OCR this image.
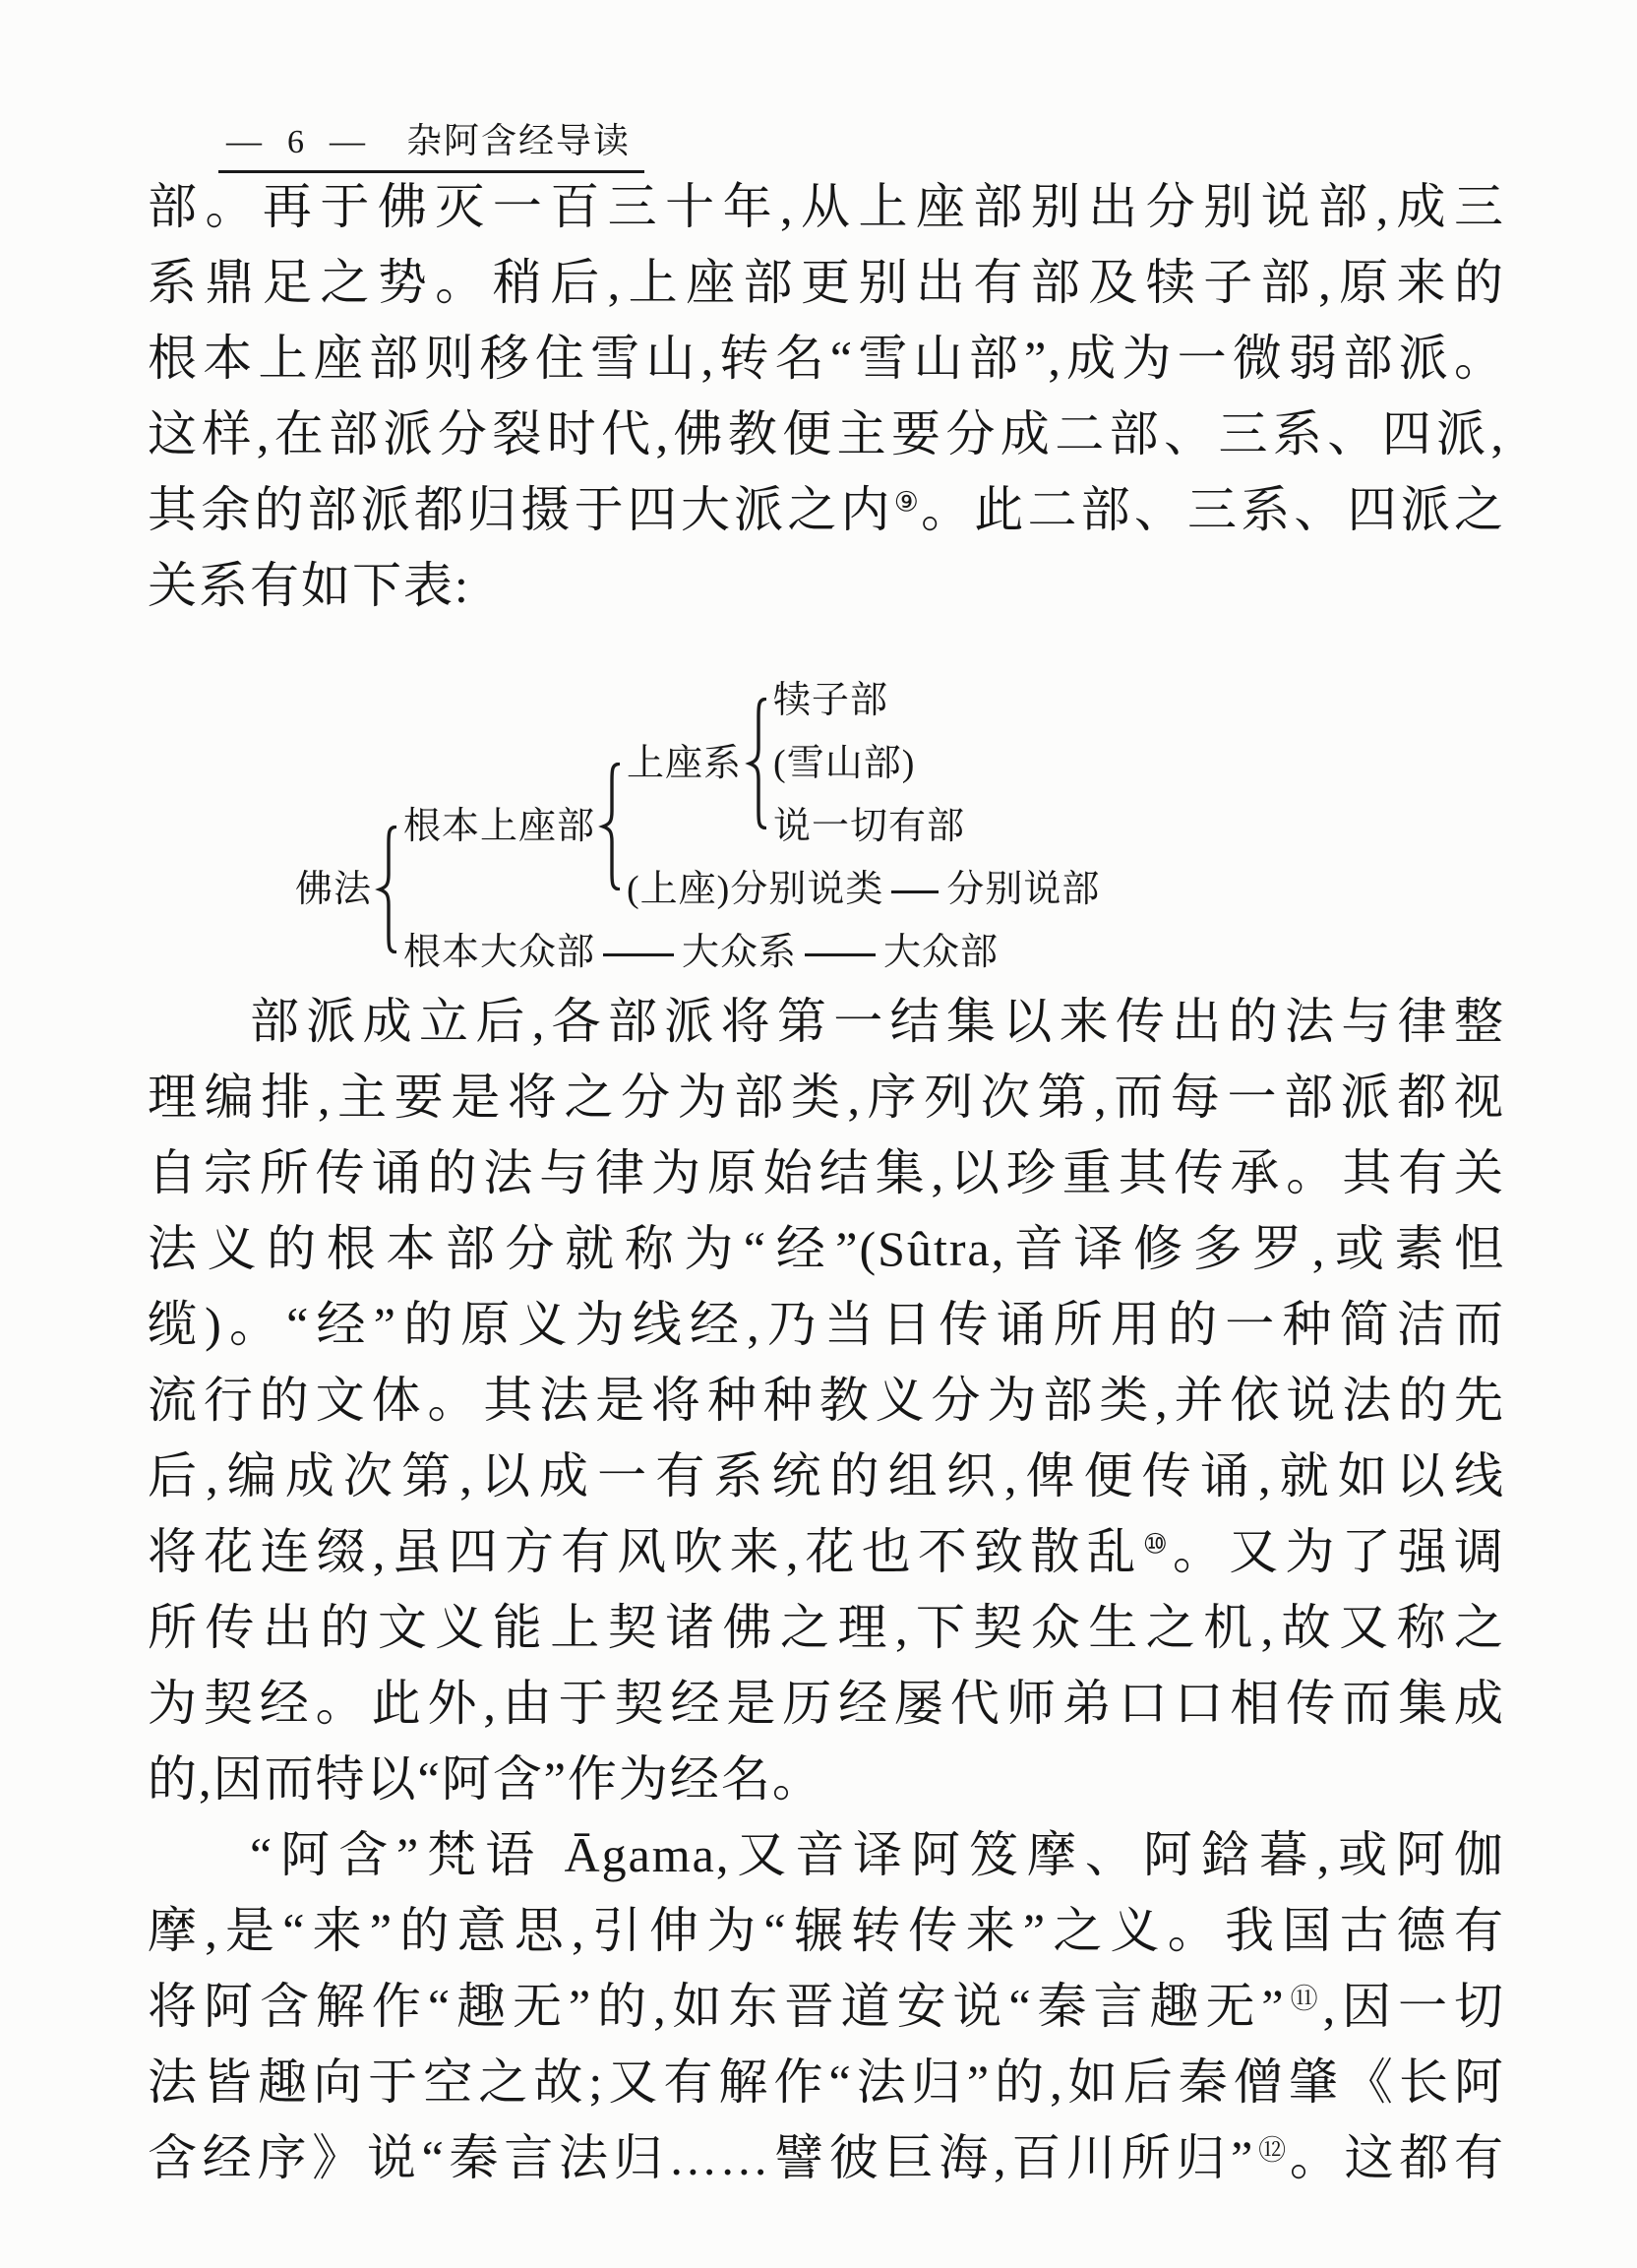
— 6 — 杂阿含经导读
部。再于佛灭一百三十年,从上座部别出分别说部,成三
系鼎足之势。稍后,上座部更别出有部及犊子部,原来的
根本上座部则移住雪山,转名“雪山部”,成为一微弱部派。
这样,在部派分裂时代,佛教便主要分成二部、三系、四派,
其余的部派都归摄于四大派之内⑨。此二部、三系、四派之
关系有如下表:
佛法
根本上座部
上座系
犊子部
(雪山部)
说一切有部
(上座)分别说类 分别说部
根本大众部 大众系 大众部
部派成立后,各部派将第一结集以来传出的法与律整
理编排,主要是将之分为部类,序列次第,而每一部派都视
自宗所传诵的法与律为原始结集,以珍重其传承。其有关
法义的根本部分就称为“经”(Sûtra,音译修多罗,或素怛
缆)。“经”的原义为线经,乃当日传诵所用的一种简洁而
流行的文体。其法是将种种教义分为部类,并依说法的先
后,编成次第,以成一有系统的组织,俾便传诵,就如以线
将花连缀,虽四方有风吹来,花也不致散乱⑩。又为了强调
所传出的文义能上契诸佛之理,下契众生之机,故又称之
为契经。此外,由于契经是历经屡代师弟口口相传而集成
的,因而特以“阿含”作为经名。
“阿含”梵语 Āgama,又音译阿笈摩、阿鋡暮,或阿伽
摩,是“来”的意思,引伸为“辗转传来”之义。我国古德有
将阿含解作“趣无”的,如东晋道安说“秦言趣无”⑪,因一切
法皆趣向于空之故;又有解作“法归”的,如后秦僧肇《长阿
含经序》说“秦言法归……譬彼巨海,百川所归”⑫。这都有
